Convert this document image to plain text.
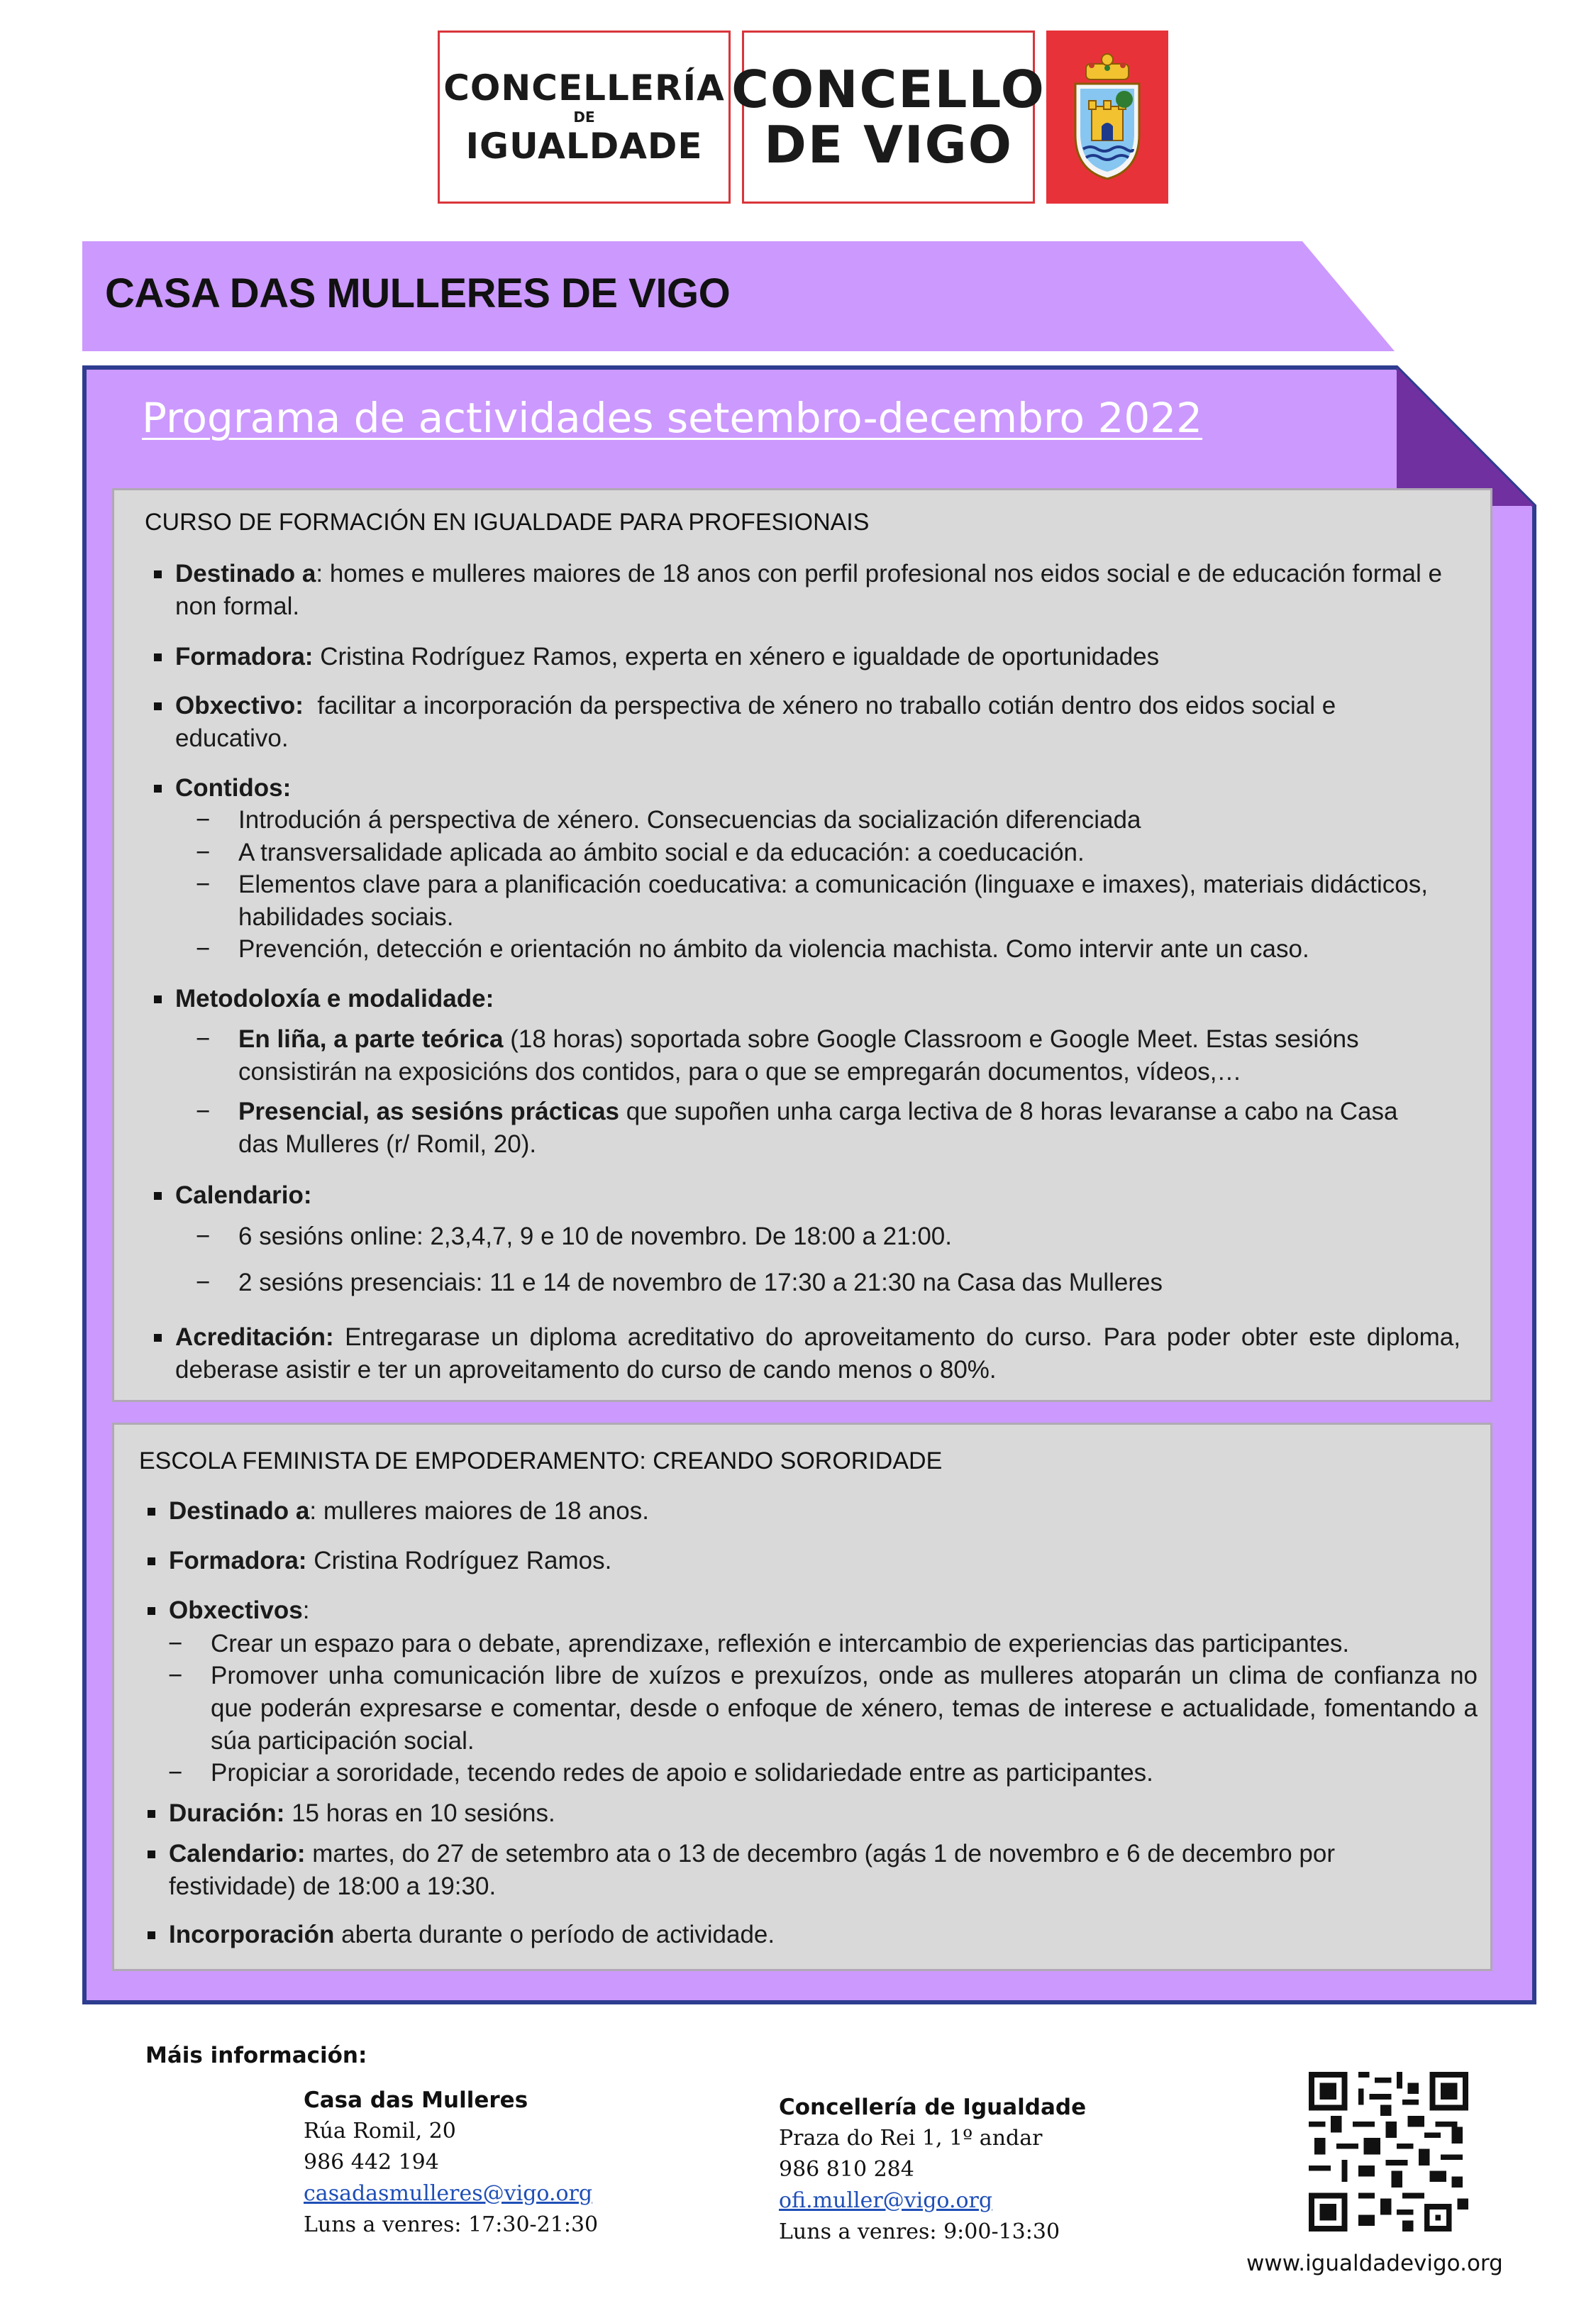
CONCELLERÍA
DE
IGUALDADE
CONCELLO
DE VIGO
CASA DAS MULLERES DE VIGO
Programa de actividades setembro-decembro 2022
CURSO DE FORMACIÓN EN IGUALDADE PARA PROFESIONAIS
Destinado a: homes e mulleres maiores de 18 anos con perfil profesional nos eidos social e de educación formal e non formal.
Formadora: Cristina Rodríguez Ramos, experta en xénero e igualdade de oportunidades
Obxectivo:  facilitar a incorporación da perspectiva de xénero no traballo cotián dentro dos eidos social e educativo.
Contidos:
− Introdución á perspectiva de xénero. Consecuencias da socialización diferenciada
− A transversalidade aplicada ao ámbito social e da educación: a coeducación.
− Elementos clave para a planificación coeducativa: a comunicación (linguaxe e imaxes), materiais didácticos, habilidades sociais.
− Prevención, detección e orientación no ámbito da violencia machista. Como intervir ante un caso.
Metodoloxía e modalidade:
− En liña, a parte teórica (18 horas) soportada sobre Google Classroom e Google Meet. Estas sesións consistirán na exposicións dos contidos, para o que se empregarán documentos, vídeos,…
− Presencial, as sesións prácticas que supoñen unha carga lectiva de 8 horas levaranse a cabo na Casa das Mulleres (r/ Romil, 20).
Calendario:
− 6 sesións online: 2,3,4,7, 9 e 10 de novembro. De 18:00 a 21:00.
− 2 sesións presenciais: 11 e 14 de novembro de 17:30 a 21:30 na Casa das Mulleres
Acreditación: Entregarase un diploma acreditativo do aproveitamento do curso. Para poder obter este diploma, deberase asistir e ter un aproveitamento do curso de cando menos o 80%.
ESCOLA FEMINISTA DE EMPODERAMENTO: CREANDO SORORIDADE
Destinado a: mulleres maiores de 18 anos.
Formadora: Cristina Rodríguez Ramos.
Obxectivos:
− Crear un espazo para o debate, aprendizaxe, reflexión e intercambio de experiencias das participantes.
− Promover unha comunicación libre de xuízos e prexuízos, onde as mulleres atoparán un clima de confianza no que poderán expresarse e comentar, desde o enfoque de xénero, temas de interese e actualidade, fomentando a súa participación social.
− Propiciar a sororidade, tecendo redes de apoio e solidariedade entre as participantes.
Duración: 15 horas en 10 sesións.
Calendario: martes, do 27 de setembro ata o 13 de decembro (agás 1 de novembro e 6 de decembro por festividade) de 18:00 a 19:30.
Incorporación aberta durante o período de actividade.
Máis información:
Casa das Mulleres
Rúa Romil, 20
986 442 194
casadasmulleres@vigo.org
Luns a venres: 17:30-21:30
Concellería de Igualdade
Praza do Rei 1, 1º andar
986 810 284
ofi.muller@vigo.org
Luns a venres: 9:00-13:30
www.igualdadevigo.org
